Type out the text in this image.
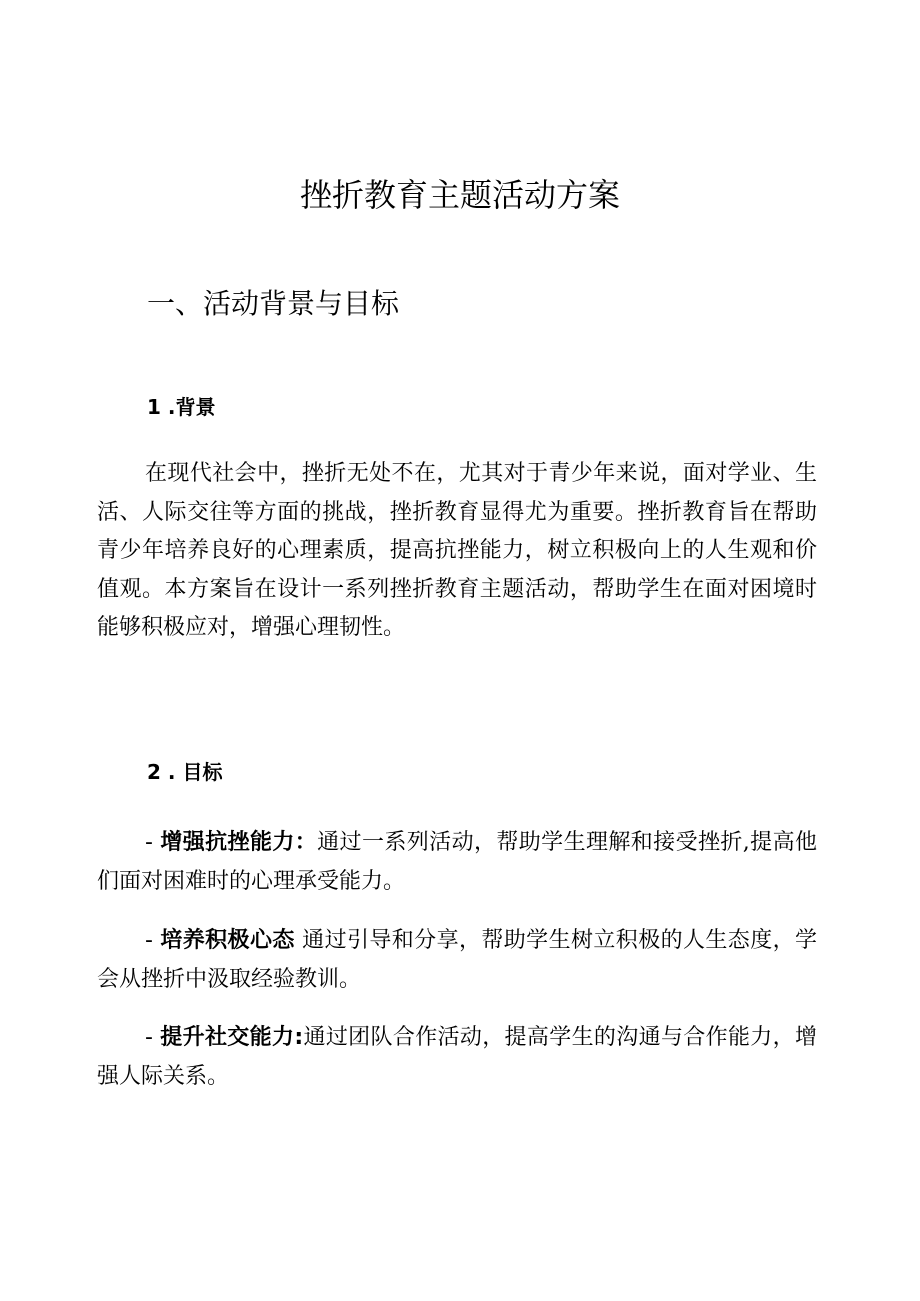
挫折教育主题活动方案
一、活动背景与目标
1 .背景

在现代社会中，挫折无处不在，尤其对于青少年来说，面对学业、生活、人际交往等方面的挑战，挫折教育显得尤为重要。挫折教育旨在帮助青少年培养良好的心理素质，提高抗挫能力，树立积极向上的人生观和价值观。本方案旨在设计一系列挫折教育主题活动，帮助学生在面对困境时能够积极应对，增强心理韧性。

2 . 目标

- 增强抗挫能力：通过一系列活动，帮助学生理解和接受挫折,提高他们面对困难时的心理承受能力。

- 培养积极心态 通过引导和分享，帮助学生树立积极的人生态度，学会从挫折中汲取经验教训。

- 提升社交能力:通过团队合作活动，提高学生的沟通与合作能力，增强人际关系。
